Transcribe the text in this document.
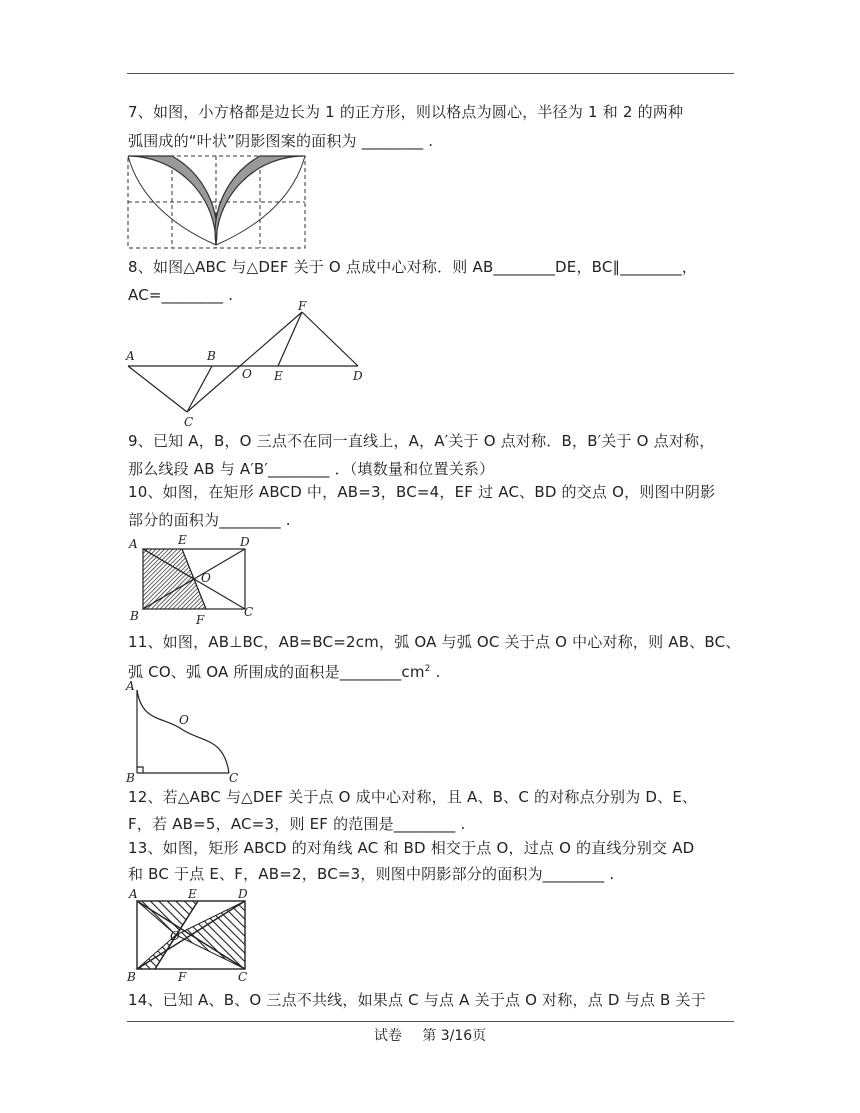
7、如图，小方格都是边长为 1 的正方形，则以格点为圆心，半径为 1 和 2 的两种
弧围成的“叶状”阴影图案的面积为 ________ .
8、如图△ABC 与△DEF 关于 O 点成中心对称．则 AB________DE，BC∥________，
AC=________ .
A	B
C
D
E
F
O
9、已知 A，B，O 三点不在同一直线上，A，A′关于 O 点对称．B，B′关于 O 点对称，
那么线段 AB 与 A′B′________ ．（填数量和位置关系）
10、如图，在矩形 ABCD 中，AB=3，BC=4，EF 过 AC、BD 的交点 O，则图中阴影
部分的面积为________ .
A
B	C
D
E
F
O
11、如图，AB⊥BC，AB=BC=2cm，弧 OA 与弧 OC 关于点 O 中心对称，则 AB、BC、
弧 CO、弧 OA 所围成的面积是$\_\_\_\_\_\_\_\_cm^2$ .
A
B	C
O
12、若△ABC 与△DEF 关于点 O 成中心对称，且 A、B、C 的对称点分别为 D、E、
F，若 AB=5，AC=3，则 EF 的范围是________ .
13、如图，矩形 ABCD 的对角线 AC 和 BD 相交于点 O，过点 O 的直线分别交 AD
和 BC 于点 E、F，AB=2，BC=3，则图中阴影部分的面积为________ .
A
B	C
D
E
F
O
14、已知 A、B、O 三点不共线，如果点 C 与点 A 关于点 O 对称，点 D 与点 B 关于
试卷 第 3/16页
